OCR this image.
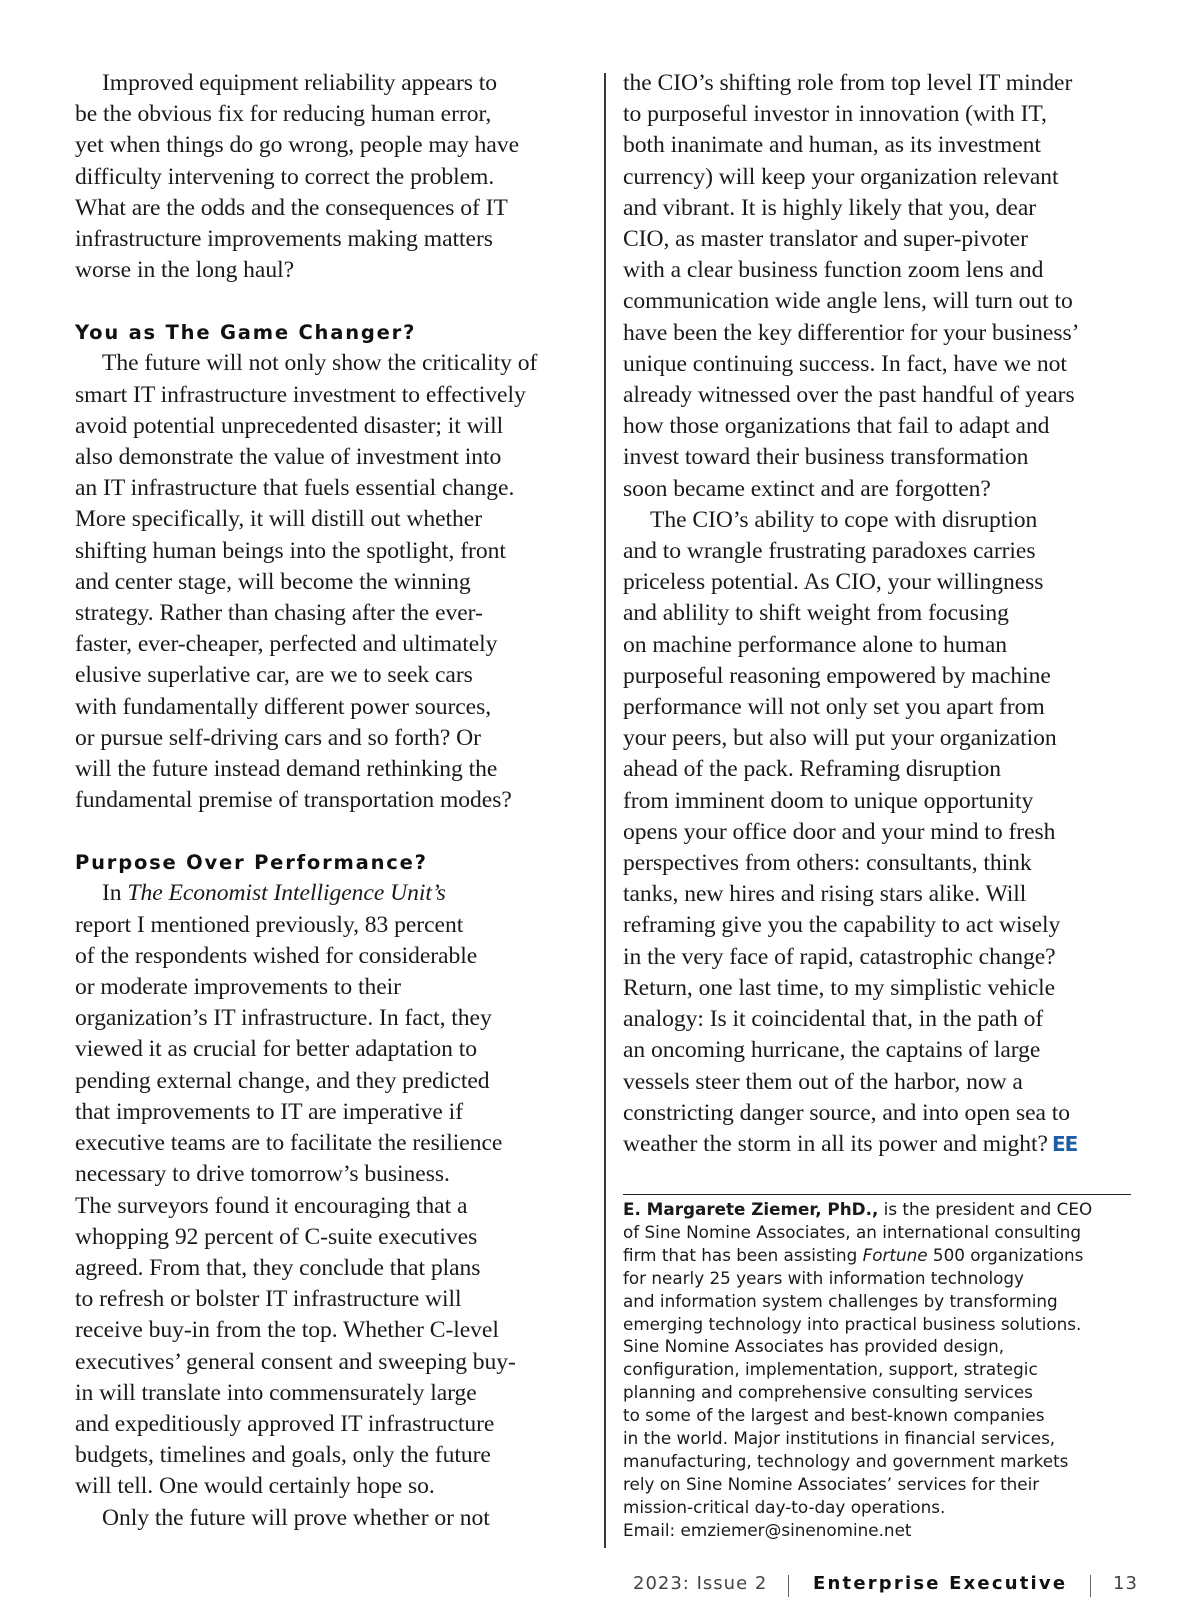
Improved equipment reliability appears to
be the obvious fix for reducing human error,
yet when things do go wrong, people may have
difficulty intervening to correct the problem.
What are the odds and the consequences of IT
infrastructure improvements making matters
worse in the long haul?

You as The Game Changer?

The future will not only show the criticality of
smart IT infrastructure investment to effectively
avoid potential unprecedented disaster; it will
also demonstrate the value of investment into
an IT infrastructure that fuels essential change.
More specifically, it will distill out whether
shifting human beings into the spotlight, front
and center stage, will become the winning
strategy. Rather than chasing after the ever-
faster, ever-cheaper, perfected and ultimately
elusive superlative car, are we to seek cars
with fundamentally different power sources,
or pursue self-driving cars and so forth? Or
will the future instead demand rethinking the
fundamental premise of transportation modes?

Purpose Over Performance?

In The Economist Intelligence Unit’s
report I mentioned previously, 83 percent
of the respondents wished for considerable
or moderate improvements to their
organization’s IT infrastructure. In fact, they
viewed it as crucial for better adaptation to
pending external change, and they predicted
that improvements to IT are imperative if
executive teams are to facilitate the resilience
necessary to drive tomorrow’s business.
The surveyors found it encouraging that a
whopping 92 percent of C-suite executives
agreed. From that, they conclude that plans
to refresh or bolster IT infrastructure will
receive buy-in from the top. Whether C-level
executives’ general consent and sweeping buy-
in will translate into commensurately large
and expeditiously approved IT infrastructure
budgets, timelines and goals, only the future
will tell. One would certainly hope so.

Only the future will prove whether or not

the CIO’s shifting role from top level IT minder
to purposeful investor in innovation (with IT,
both inanimate and human, as its investment
currency) will keep your organization relevant
and vibrant. It is highly likely that you, dear
CIO, as master translator and super-pivoter
with a clear business function zoom lens and
communication wide angle lens, will turn out to
have been the key differentior for your business’
unique continuing success. In fact, have we not
already witnessed over the past handful of years
how those organizations that fail to adapt and
invest toward their business transformation
soon became extinct and are forgotten?

The CIO’s ability to cope with disruption
and to wrangle frustrating paradoxes carries
priceless potential. As CIO, your willingness
and ablility to shift weight from focusing
on machine performance alone to human
purposeful reasoning empowered by machine
performance will not only set you apart from
your peers, but also will put your organization
ahead of the pack. Reframing disruption
from imminent doom to unique opportunity
opens your office door and your mind to fresh
perspectives from others: consultants, think
tanks, new hires and rising stars alike. Will
reframing give you the capability to act wisely
in the very face of rapid, catastrophic change?
Return, one last time, to my simplistic vehicle
analogy: Is it coincidental that, in the path of
an oncoming hurricane, the captains of large
vessels steer them out of the harbor, now a
constricting danger source, and into open sea to
weather the storm in all its power and might? EE

E. Margarete Ziemer, PhD., is the president and CEO
of Sine Nomine Associates, an international consulting
firm that has been assisting Fortune 500 organizations
for nearly 25 years with information technology
and information system challenges by transforming
emerging technology into practical business solutions.
Sine Nomine Associates has provided design,
configuration, implementation, support, strategic
planning and comprehensive consulting services
to some of the largest and best-known companies
in the world. Major institutions in financial services,
manufacturing, technology and government markets
rely on Sine Nomine Associates’ services for their
mission-critical day-to-day operations.
Email: emziemer@sinenomine.net

2023: Issue 2	Enterprise Executive	13
